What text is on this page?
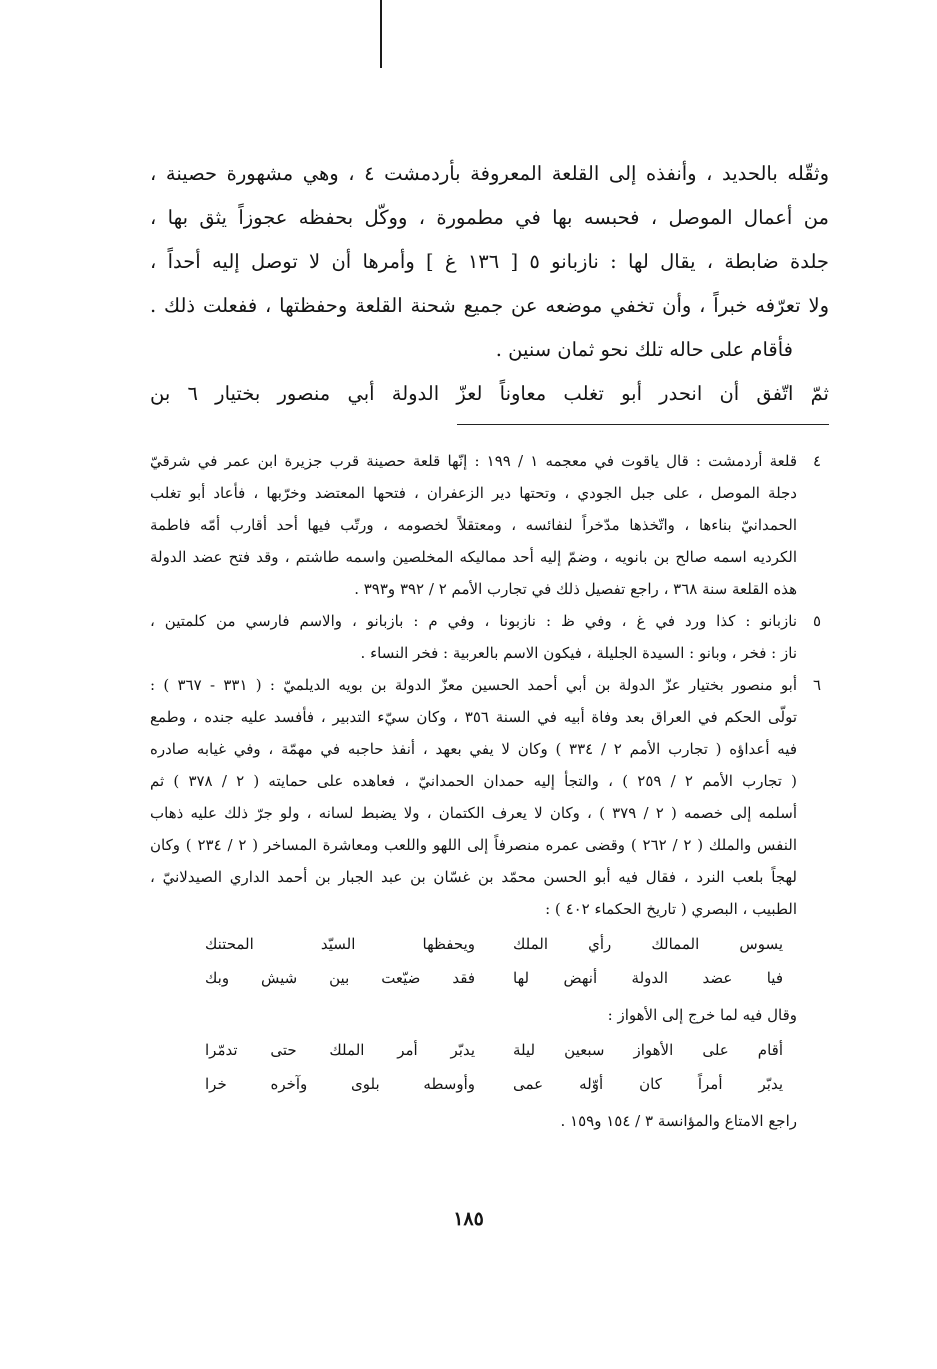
وثقّله بالحديد ، وأنفذه إلى القلعة المعروفة بأردمشت ٤ ، وهي مشهورة حصينة ،
من أعمال الموصل ، فحبسه بها في مطمورة ، ووكّل بحفظه عجوزاً يثق بها ،
جلدة ضابطة ، يقال لها : نازبانو ٥ [ ١٣٦ غ ] وأمرها أن لا توصل إليه أحداً ،
ولا تعرّفه خبراً ، وأن تخفي موضعه عن جميع شحنة القلعة وحفظتها ، ففعلت ذلك .
فأقام على حاله تلك نحو ثمان سنين .
ثمّ اتّفق أن انحدر أبو تغلب معاوناً لعزّ الدولة أبي منصور بختيار ٦ بن
٤
قلعة أردمشت : قال ياقوت في معجمه ١ / ١٩٩ : إنّها قلعة حصينة قرب جزيرة ابن عمر في شرقيّ
دجلة الموصل ، على جبل الجودي ، وتحتها دير الزعفران ، فتحها المعتضد وخرّبها ، فأعاد أبو تغلب
الحمدانيّ بناءها ، واتّخذها مدّخراً لنفائسه ، ومعتقلاً لخصومه ، ورتّب فيها أحد أقارب أمّه فاطمة
الكرديه اسمه صالح بن بانويه ، وضمّ إليه أحد مماليكه المخلصين واسمه طاشتم ، وقد فتح عضد الدولة
هذه القلعة سنة ٣٦٨ ، راجع تفصيل ذلك في تجارب الأمم ٢ / ٣٩٢ و٣٩٣ .
٥
نازبانو : كذا ورد في غ ، وفي ظ : نازبونا ، وفي م : بازبانو ، والاسم فارسي من كلمتين ،
ناز : فخر ، وبانو : السيدة الجليلة ، فيكون الاسم بالعربية : فخر النساء .
٦
أبو منصور بختيار عزّ الدولة بن أبي أحمد الحسين معزّ الدولة بن بويه الديلميّ : ( ٣٣١ - ٣٦٧ ) :
تولّى الحكم في العراق بعد وفاة أبيه في السنة ٣٥٦ ، وكان سيّء التدبير ، فأفسد عليه جنده ، وطمع
فيه أعداؤه ( تجارب الأمم ٢ / ٣٣٤ ) وكان لا يفي بعهد ، أنفذ حاجبه في مهمّة ، وفي غيابه صادره
( تجارب الأمم ٢ / ٢٥٩ ) ، والتجأ إليه حمدان الحمدانيّ ، فعاهده على حمايته ( ٢ / ٣٧٨ ) ثم
أسلمه إلى خصمه ( ٢ / ٣٧٩ ) ، وكان لا يعرف الكتمان ، ولا يضبط لسانه ، ولو جرّ ذلك عليه ذهاب
النفس والملك ( ٢ / ٢٦٢ ) وقضى عمره منصرفاً إلى اللهو واللعب ومعاشرة المساخر ( ٢ / ٢٣٤ ) وكان
لهجاً بلعب النرد ، فقال فيه أبو الحسن محمّد بن غسّان بن عبد الجبار بن أحمد الداري الصيدلانيّ ،
الطبيب ، البصري ( تاريخ الحكماء ٤٠٢ ) :
يسوس الممالك رأي الملك
ويحفظها السيّد المحتنك
فيا عضد الدولة أنهض لها
فقد ضيّعت بين شيش وبك
وقال فيه لما خرج إلى الأهواز :
أقام على الأهواز سبعين ليلة
يدبّر أمر الملك حتى تدمّرا
يدبّر أمراً كان أوّله عمى
وأوسطه بلوى وآخره خرا
راجع الامتاع والمؤانسة ٣ / ١٥٤ و١٥٩ .
١٨٥
